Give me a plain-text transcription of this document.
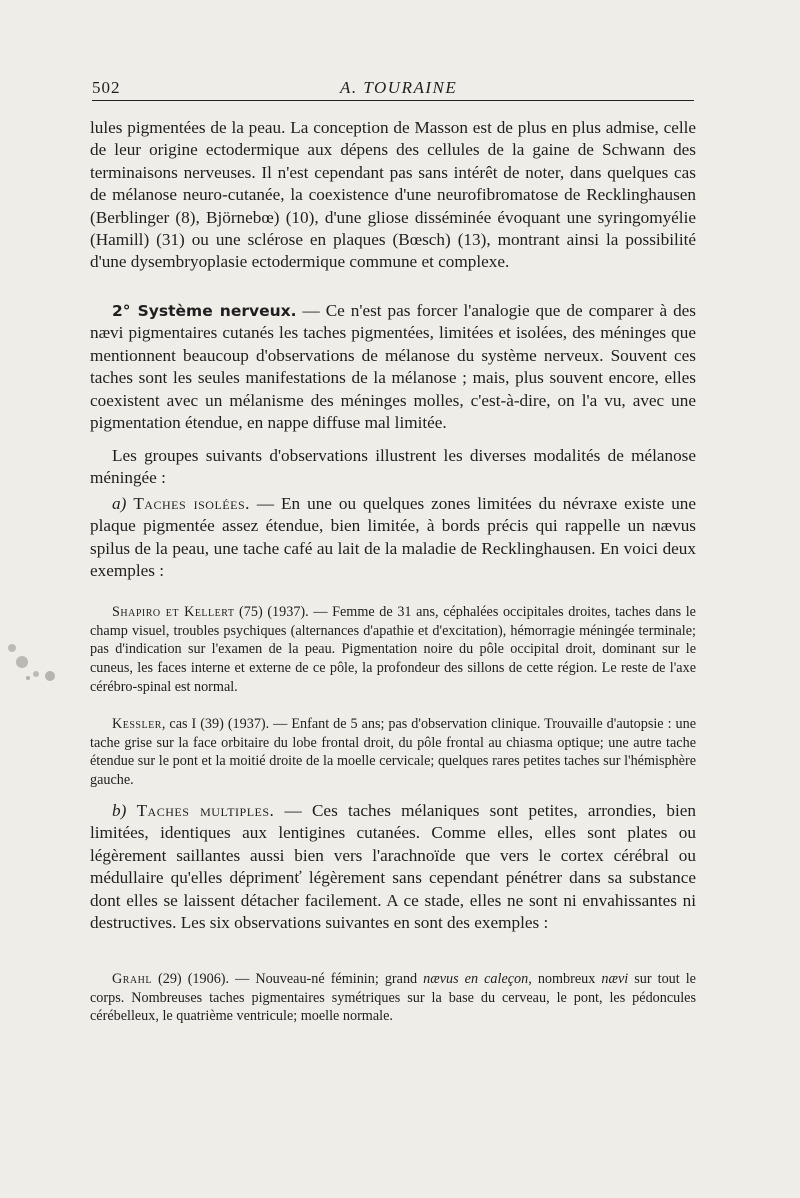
502	A. TOURAINE

lules pigmentées de la peau. La conception de Masson est de plus en plus admise, celle de leur origine ectodermique aux dépens des cellules de la gaine de Schwann des terminaisons nerveuses. Il n'est cependant pas sans intérêt de noter, dans quelques cas de mélanose neuro-cutanée, la coexistence d'une neurofibromatose de Recklinghausen (Berblinger (8), Björnebœ) (10), d'une gliose disséminée évoquant une syringomyélie (Hamill) (31) ou une sclérose en plaques (Bœsch) (13), montrant ainsi la possibilité d'une dysembryoplasie ectodermique commune et complexe.

2° Système nerveux. — Ce n'est pas forcer l'analogie que de comparer à des nævi pigmentaires cutanés les taches pigmentées, limitées et isolées, des méninges que mentionnent beaucoup d'observations de mélanose du système nerveux. Souvent ces taches sont les seules manifestations de la mélanose ; mais, plus souvent encore, elles coexistent avec un mélanisme des méninges molles, c'est-à-dire, on l'a vu, avec une pigmentation étendue, en nappe diffuse mal limitée.

Les groupes suivants d'observations illustrent les diverses modalités de mélanose méningée :

a) Taches isolées. — En une ou quelques zones limitées du névraxe existe une plaque pigmentée assez étendue, bien limitée, à bords précis qui rappelle un nævus spilus de la peau, une tache café au lait de la maladie de Recklinghausen. En voici deux exemples :

Shapiro et Kellert (75) (1937). — Femme de 31 ans, céphalées occipitales droites, taches dans le champ visuel, troubles psychiques (alternances d'apathie et d'excitation), hémorragie méningée terminale; pas d'indication sur l'examen de la peau. Pigmentation noire du pôle occipital droit, dominant sur le cuneus, les faces interne et externe de ce pôle, la profondeur des sillons de cette région. Le reste de l'axe cérébro-spinal est normal.

Kessler, cas I (39) (1937). — Enfant de 5 ans; pas d'observation clinique. Trouvaille d'autopsie : une tache grise sur la face orbitaire du lobe frontal droit, du pôle frontal au chiasma optique; une autre tache étendue sur le pont et la moitié droite de la moelle cervicale; quelques rares petites taches sur l'hémisphère gauche.

b) Taches multiples. — Ces taches mélaniques sont petites, arrondies, bien limitées, identiques aux lentigines cutanées. Comme elles, elles sont plates ou légèrement saillantes aussi bien vers l'arachnoïde que vers le cortex cérébral ou médullaire qu'elles déprimenť légèrement sans cependant pénétrer dans sa substance dont elles se laissent détacher facilement. A ce stade, elles ne sont ni envahissantes ni destructives. Les six observations suivantes en sont des exemples :

Grahl (29) (1906). — Nouveau-né féminin; grand nævus en caleçon, nombreux nævi sur tout le corps. Nombreuses taches pigmentaires symétriques sur la base du cerveau, le pont, les pédoncules cérébelleux, le quatrième ventricule; moelle normale.
